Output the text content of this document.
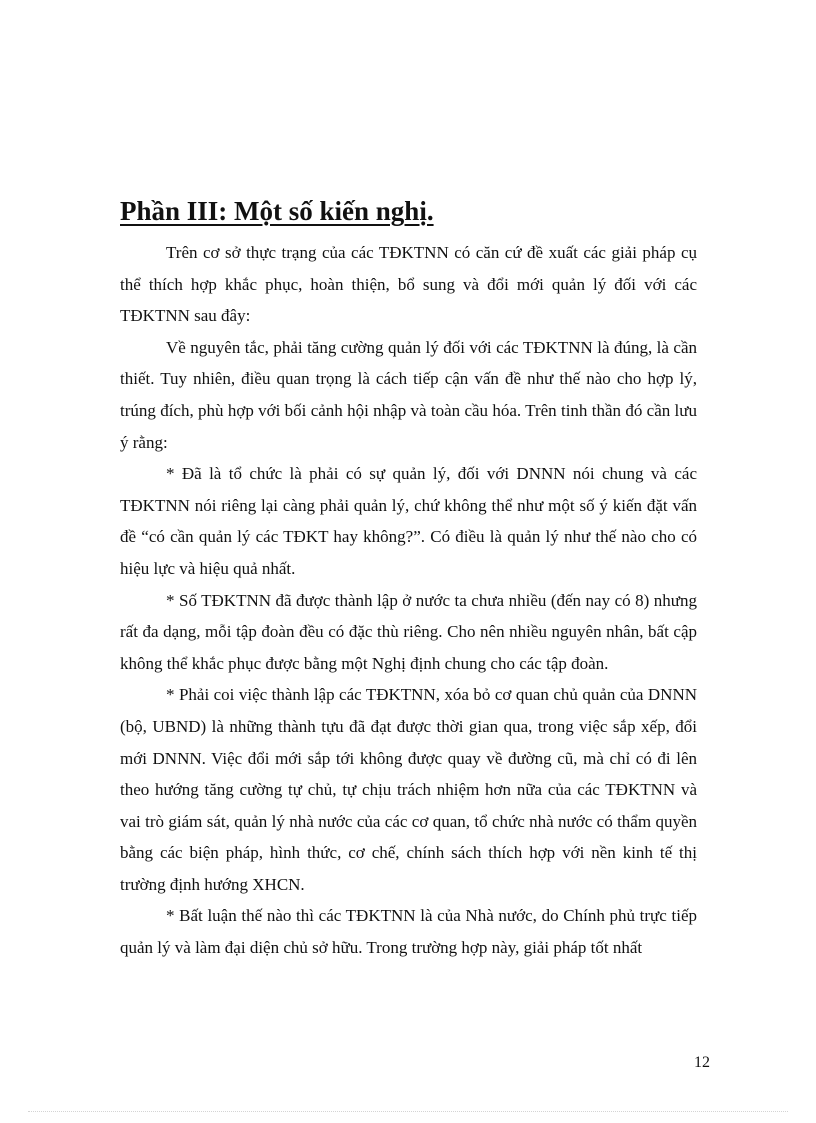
Phần III: Một số kiến nghị.

Trên cơ sở thực trạng của các TĐKTNN có căn cứ đề xuất các giải pháp cụ thể thích hợp khắc phục, hoàn thiện, bổ sung và đổi mới quản lý đối với các TĐKTNN sau đây:

Về nguyên tắc, phải tăng cường quản lý đối với các TĐKTNN là đúng, là cần thiết. Tuy nhiên, điều quan trọng là cách tiếp cận vấn đề như thế nào cho hợp lý, trúng đích, phù hợp với bối cảnh hội nhập và toàn cầu hóa. Trên tinh thần đó cần lưu ý rằng:

* Đã là tổ chức là phải có sự quản lý, đối với DNNN nói chung và các TĐKTNN nói riêng lại càng phải quản lý, chứ không thể như một số ý kiến đặt vấn đề “có cần quản lý các TĐKT hay không?”. Có điều là quản lý như thế nào cho có hiệu lực và hiệu quả nhất.

* Số TĐKTNN đã được thành lập ở nước ta chưa nhiều (đến nay có 8) nhưng rất đa dạng, mỗi tập đoàn đều có đặc thù riêng. Cho nên nhiều nguyên nhân, bất cập không thể khắc phục được bằng một Nghị định chung cho các tập đoàn.

* Phải coi việc thành lập các TĐKTNN, xóa bỏ cơ quan chủ quản của DNNN (bộ, UBND) là những thành tựu đã đạt được thời gian qua, trong việc sắp xếp, đổi mới DNNN. Việc đổi mới sắp tới không được quay về đường cũ, mà chỉ có đi lên theo hướng tăng cường tự chủ, tự chịu trách nhiệm hơn nữa của các TĐKTNN và vai trò giám sát, quản lý nhà nước của các cơ quan, tổ chức nhà nước có thẩm quyền bằng các biện pháp, hình thức, cơ chế, chính sách thích hợp với nền kinh tế thị trường định hướng XHCN.

* Bất luận thế nào thì các TĐKTNN là của Nhà nước, do Chính phủ trực tiếp quản lý và làm đại diện chủ sở hữu. Trong trường hợp này, giải pháp tốt nhất

12
